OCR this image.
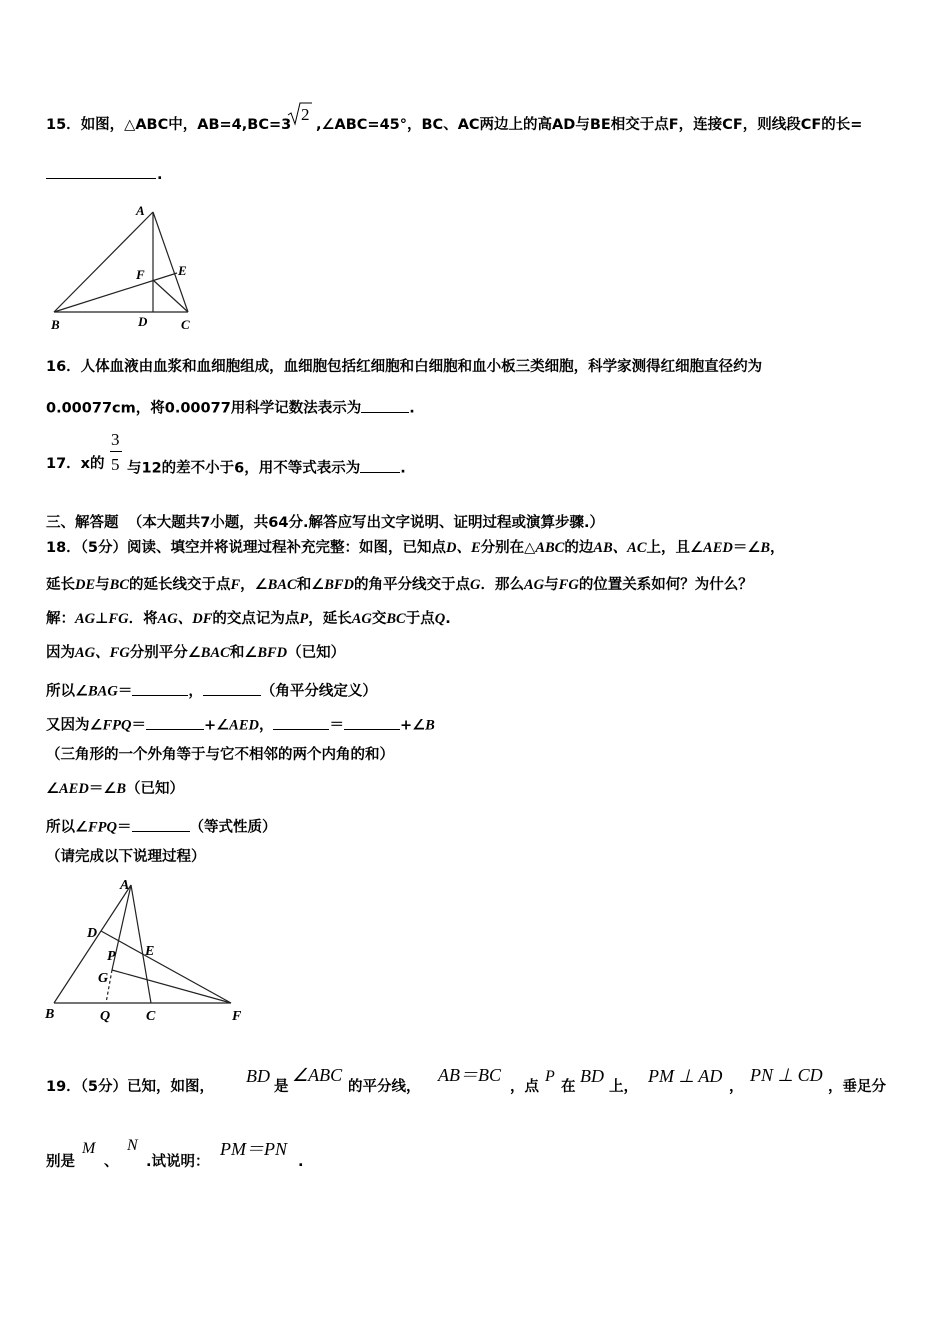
15．如图，△ABC中，AB=4,BC=3
2
,∠ABC=45°，BC、AC两边上的高AD与BE相交于点F，连接CF，则线段CF的长=
.
A
F	E
B	D	C
16．人体血液由血浆和血细胞组成，血细胞包括红细胞和白细胞和血小板三类细胞，科学家测得红细胞直径约为
0.00077cm，将0.00077用科学记数法表示为	.
17．x的
3
5 与12的差不小于6，用不等式表示为	.
三、解答题 （本大题共7小题，共64分.解答应写出文字说明、证明过程或演算步骤.）
18．（5分）阅读、填空并将说理过程补充完整：如图，已知点D、E分别在△ABC的边AB、AC上，且∠AED＝∠B，
延长DE与BC的延长线交于点F，∠BAC和∠BFD的角平分线交于点G．那么AG与FG的位置关系如何？为什么？
解：AG⊥FG．将AG、DF的交点记为点P，延长AG交BC于点Q.
因为AG、FG分别平分∠BAC和∠BFD（已知）
所以∠BAG＝	，	（角平分线定义）
又因为∠FPQ＝	+∠AED，	＝	+∠B
（三角形的一个外角等于与它不相邻的两个内角的和）
∠AED＝∠B（已知）
所以∠FPQ＝	（等式性质）
（请完成以下说理过程）
A
D
P E
G
B	Q	C	F
19．（5分）已知，如图，
BD
是
∠ABC
的平分线，
AB＝BC
，点
P
在
BD
上，
PM ⊥ AD
，
PN ⊥ CD
，垂足分
别是
M
、
N
.试说明：
PM＝PN
.
